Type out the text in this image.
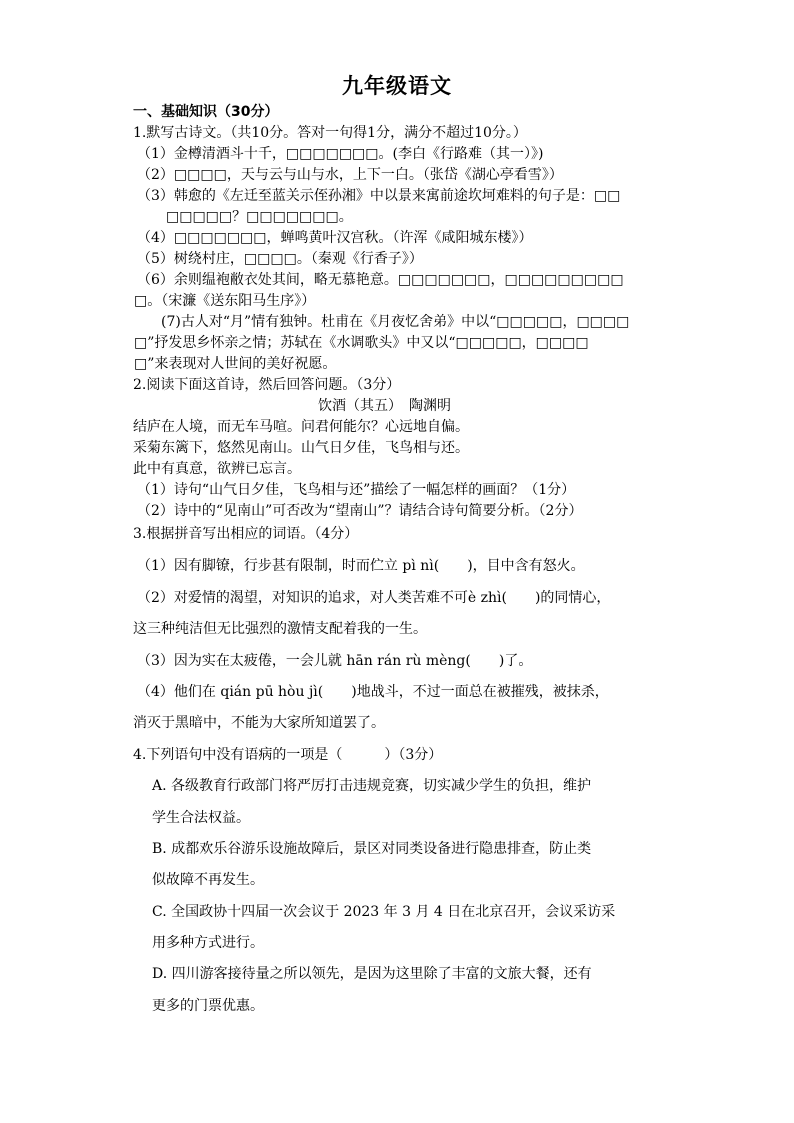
九年级语文
一、基础知识（30分）
1.默写古诗文。（共10分。答对一句得1分，满分不超过10分。）
（1）金樽清酒斗十千，□□□□□□□。(李白《行路难（其一）》)
（2）□□□□，天与云与山与水，上下一白。（张岱《湖心亭看雪》）
（3）韩愈的《左迁至蓝关示侄孙湘》中以景来寓前途坎坷难料的句子是：□□
□□□□□？□□□□□□□。
（4）□□□□□□□，蝉鸣黄叶汉宫秋。（许浑《咸阳城东楼》）
（5）树绕村庄，□□□□。（秦观《行香子》）
（6）余则缊袍敝衣处其间，略无慕艳意。□□□□□□□，□□□□□□□□□
□。（宋濂《送东阳马生序》）
(7)古人对“月”情有独钟。杜甫在《月夜忆舍弟》中以“□□□□□，□□□□
□”抒发思乡怀亲之情；苏轼在《水调歌头》中又以“□□□□□，□□□□
□”来表现对人世间的美好祝愿。
2.阅读下面这首诗，然后回答问题。（3分）
饮酒（其五）　陶渊明
结庐在人境，而无车马喧。问君何能尔？心远地自偏。
采菊东篱下，悠然见南山。山气日夕佳，飞鸟相与还。
此中有真意，欲辨已忘言。
（1）诗句“山气日夕佳，飞鸟相与还”描绘了一幅怎样的画面？（1分）
（2）诗中的“见南山”可否改为“望南山”？请结合诗句简要分析。（2分）
3.根据拼音写出相应的词语。（4分）
（1）因有脚镣，行步甚有限制，时而伫立 pì nì(　　)，目中含有怒火。
（2）对爱情的渴望，对知识的追求，对人类苦难不可è zhì(　　)的同情心，
这三种纯洁但无比强烈的激情支配着我的一生。
（3）因为实在太疲倦，一会儿就 hān rán rù mèng(　　)了。
（4）他们在 qián pū hòu jì(　　)地战斗，不过一面总在被摧残，被抹杀，
消灭于黑暗中，不能为大家所知道罢了。
4.下列语句中没有语病的一项是（　　　）（3分）
A. 各级教育行政部门将严厉打击违规竞赛，切实减少学生的负担，维护
学生合法权益。
B. 成都欢乐谷游乐设施故障后，景区对同类设备进行隐患排查，防止类
似故障不再发生。
C. 全国政协十四届一次会议于 2023 年 3 月 4 日在北京召开，会议采访采
用多种方式进行。
D. 四川游客接待量之所以领先，是因为这里除了丰富的文旅大餐，还有
更多的门票优惠。
